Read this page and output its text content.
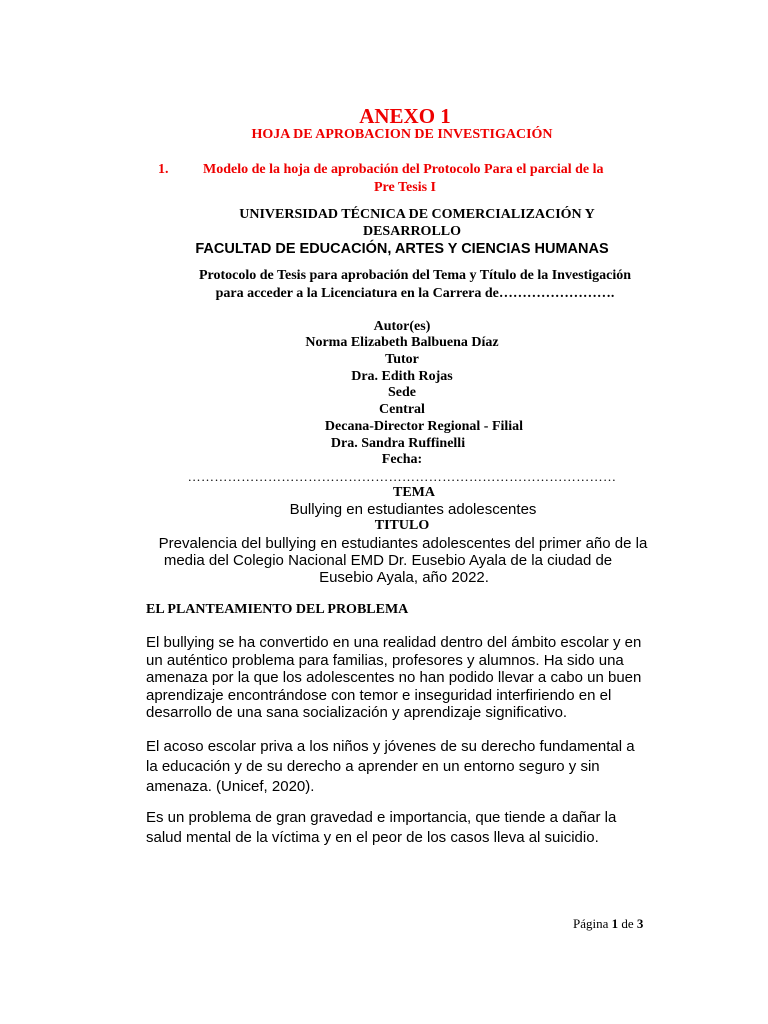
ANEXO 1
HOJA DE APROBACION DE INVESTIGACIÓN
1. Modelo de la hoja de aprobación del Protocolo Para el parcial de la
Pre Tesis I
UNIVERSIDAD TÉCNICA DE COMERCIALIZACIÓN Y
DESARROLLO
FACULTAD DE EDUCACIÓN, ARTES Y CIENCIAS HUMANAS
Protocolo de Tesis para aprobación del Tema y Título de la Investigación
para acceder a la Licenciatura en la Carrera de…………………….
Autor(es)
Norma Elizabeth Balbuena Díaz
Tutor
Dra. Edith Rojas
Sede
Central
Decana-Director Regional - Filial
Dra. Sandra Ruffinelli
Fecha:
……………………………………………………………………………………
TEMA
Bullying en estudiantes adolescentes
TITULO
Prevalencia del bullying en estudiantes adolescentes del primer año de la
media del Colegio Nacional EMD Dr. Eusebio Ayala de la ciudad de
Eusebio Ayala, año 2022.
EL PLANTEAMIENTO DEL PROBLEMA
El bullying se ha convertido en una realidad dentro del ámbito escolar y en
un auténtico problema para familias, profesores y alumnos. Ha sido una
amenaza por la que los adolescentes no han podido llevar a cabo un buen
aprendizaje encontrándose con temor e inseguridad interfiriendo en el
desarrollo de una sana socialización y aprendizaje significativo.
El acoso escolar priva a los niños y jóvenes de su derecho fundamental a
la educación y de su derecho a aprender en un entorno seguro y sin
amenaza. (Unicef, 2020).
Es un problema de gran gravedad e importancia, que tiende a dañar la
salud mental de la víctima y en el peor de los casos lleva al suicidio.
Página 1 de 3
